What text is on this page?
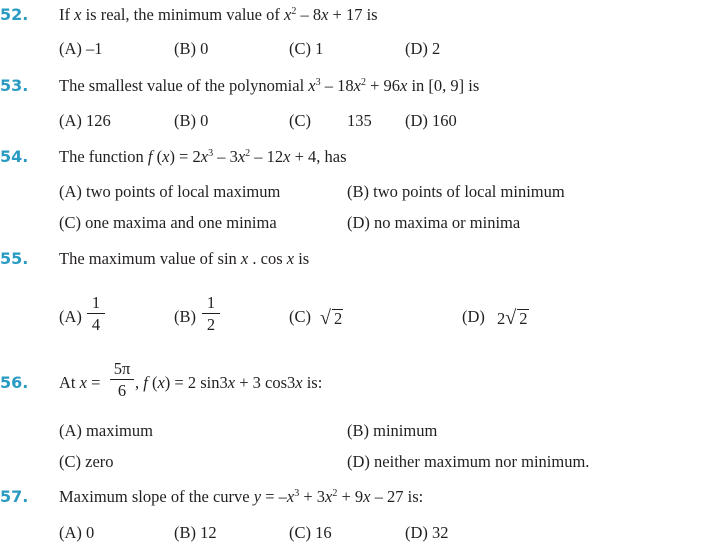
52.	If x is real, the minimum value of $x^2 - 8x + 17$ is
(A) –1	(B) 0	(C) 1	(D) 2
53.	The smallest value of the polynomial $x^3 - 18x^2 + 96x$ in [0, 9] is
(A) 126	(B) 0	(C) 135 (D) 160
54.	The function f $(x) = 2x^3 - 3x^2 - 12x + 4$, has
(A) two points of local maximum	(B) two points of local minimum
(C) one maxima and one minima	(D) no maxima or minima
55.	The maximum value of sin x . cos x is
(A)
1
4	(B)
1
2	(C) √ 2	(D) 2 √ 2
56.	At x =
5π
6 , f (x) = 2 sin3x + 3 cos3x is:
(A) maximum	(B) minimum
(C) zero	(D) neither maximum nor minimum.
57.	Maximum slope of the curve $y = -x^3 + 3x^2 + 9x - 27$ is:
(A) 0	(B) 12	(C) 16	(D) 32
